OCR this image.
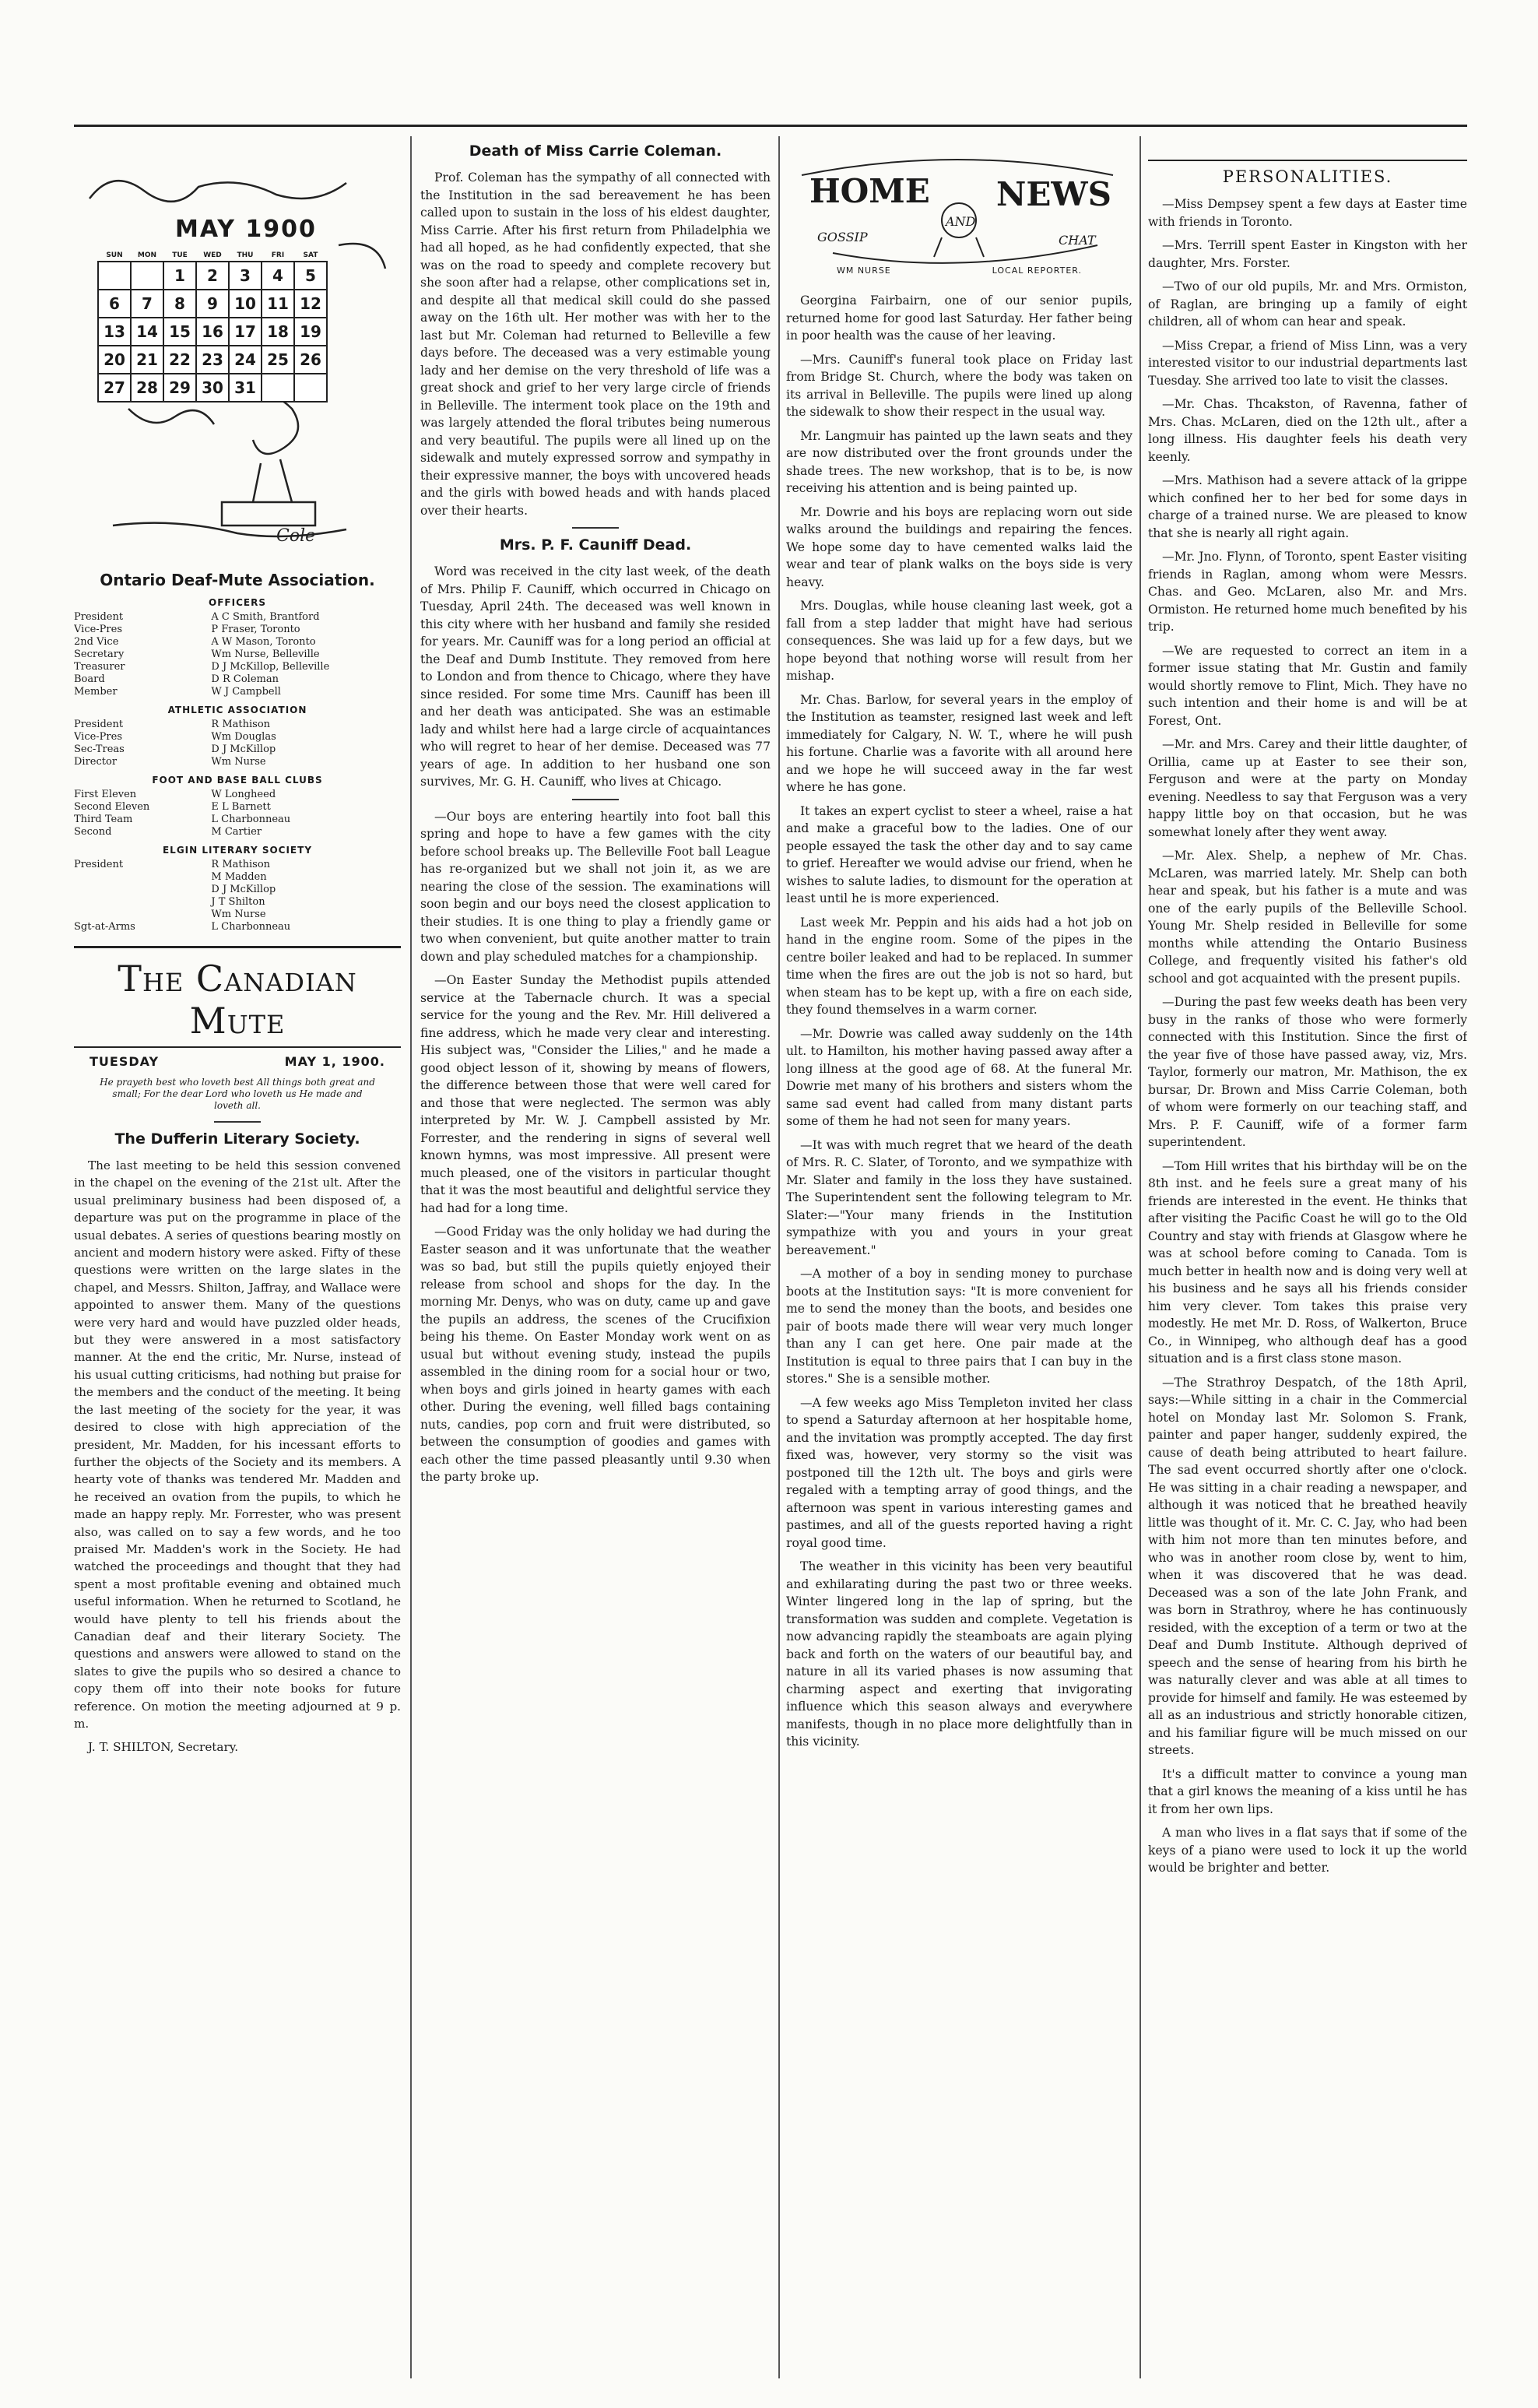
Cole
MAY 1900
SUN	MON	TUE	WED	THU	FRI	SAT
		1	2	3	4	5
6	7	8	9	10	11	12
13	14	15	16	17	18	19
20	21	22	23	24	25	26
27	28	29	30	31		
Ontario Deaf-Mute Association.
OFFICERS
President	A C Smith, Brantford
Vice-Pres	P Fraser, Toronto
2nd Vice	A W Mason, Toronto
Secretary	Wm Nurse, Belleville
Treasurer	D J McKillop, Belleville
Board	D R Coleman
Member	W J Campbell
ATHLETIC ASSOCIATION
President	R Mathison
Vice-Pres	Wm Douglas
Sec-Treas	D J McKillop
Director	Wm Nurse
FOOT AND BASE BALL CLUBS
First Eleven	W Longheed
Second Eleven	E L Barnett
Third Team	L Charbonneau
Second	M Cartier
ELGIN LITERARY SOCIETY
President	R Mathison
	M Madden
	D J McKillop
	J T Shilton
	Wm Nurse
Sgt-at-Arms	L Charbonneau
The Canadian Mute
TUESDAY	MAY 1, 1900.
He prayeth best who loveth best All things both great and small; For the dear Lord who loveth us He made and loveth all.
The Dufferin Literary Society.

The last meeting to be held this session convened in the chapel on the evening of the 21st ult. After the usual preliminary business had been disposed of, a departure was put on the programme in place of the usual debates. A series of questions bearing mostly on ancient and modern history were asked. Fifty of these questions were written on the large slates in the chapel, and Messrs. Shilton, Jaffray, and Wallace were appointed to answer them. Many of the questions were very hard and would have puzzled older heads, but they were answered in a most satisfactory manner. At the end the critic, Mr. Nurse, instead of his usual cutting criticisms, had nothing but praise for the members and the conduct of the meeting. It being the last meeting of the society for the year, it was desired to close with high appreciation of the president, Mr. Madden, for his incessant efforts to further the objects of the Society and its members. A hearty vote of thanks was tendered Mr. Madden and he received an ovation from the pupils, to which he made an happy reply. Mr. Forrester, who was present also, was called on to say a few words, and he too praised Mr. Madden's work in the Society. He had watched the proceedings and thought that they had spent a most profitable evening and obtained much useful information. When he returned to Scotland, he would have plenty to tell his friends about the Canadian deaf and their literary Society. The questions and answers were allowed to stand on the slates to give the pupils who so desired a chance to copy them off into their note books for future reference. On motion the meeting adjourned at 9 p. m.

J. T. SHILTON, Secretary.

Death of Miss Carrie Coleman.

Prof. Coleman has the sympathy of all connected with the Institution in the sad bereavement he has been called upon to sustain in the loss of his eldest daughter, Miss Carrie. After his first return from Philadelphia we had all hoped, as he had confidently expected, that she was on the road to speedy and complete recovery but she soon after had a relapse, other complications set in, and despite all that medical skill could do she passed away on the 16th ult. Her mother was with her to the last but Mr. Coleman had returned to Belleville a few days before. The deceased was a very estimable young lady and her demise on the very threshold of life was a great shock and grief to her very large circle of friends in Belleville. The interment took place on the 19th and was largely attended the floral tributes being numerous and very beautiful. The pupils were all lined up on the sidewalk and mutely expressed sorrow and sympathy in their expressive manner, the boys with uncovered heads and the girls with bowed heads and with hands placed over their hearts.

Mrs. P. F. Cauniff Dead.

Word was received in the city last week, of the death of Mrs. Philip F. Cauniff, which occurred in Chicago on Tuesday, April 24th. The deceased was well known in this city where with her husband and family she resided for years. Mr. Cauniff was for a long period an official at the Deaf and Dumb Institute. They removed from here to London and from thence to Chicago, where they have since resided. For some time Mrs. Cauniff has been ill and her death was anticipated. She was an estimable lady and whilst here had a large circle of acquaintances who will regret to hear of her demise. Deceased was 77 years of age. In addition to her husband one son survives, Mr. G. H. Cauniff, who lives at Chicago.

—Our boys are entering heartily into foot ball this spring and hope to have a few games with the city before school breaks up. The Belleville Foot ball League has re-organized but we shall not join it, as we are nearing the close of the session. The examinations will soon begin and our boys need the closest application to their studies. It is one thing to play a friendly game or two when convenient, but quite another matter to train down and play scheduled matches for a championship.

—On Easter Sunday the Methodist pupils attended service at the Tabernacle church. It was a special service for the young and the Rev. Mr. Hill delivered a fine address, which he made very clear and interesting. His subject was, "Consider the Lilies," and he made a good object lesson of it, showing by means of flowers, the difference between those that were well cared for and those that were neglected. The sermon was ably interpreted by Mr. W. J. Campbell assisted by Mr. Forrester, and the rendering in signs of several well known hymns, was most impressive. All present were much pleased, one of the visitors in particular thought that it was the most beautiful and delightful service they had had for a long time.

—Good Friday was the only holiday we had during the Easter season and it was unfortunate that the weather was so bad, but still the pupils quietly enjoyed their release from school and shops for the day. In the morning Mr. Denys, who was on duty, came up and gave the pupils an address, the scenes of the Crucifixion being his theme. On Easter Monday work went on as usual but without evening study, instead the pupils assembled in the dining room for a social hour or two, when boys and girls joined in hearty games with each other. During the evening, well filled bags containing nuts, candies, pop corn and fruit were distributed, so between the consumption of goodies and games with each other the time passed pleasantly until 9.30 when the party broke up.

HOME NEWS
AND
GOSSIP	CHAT
WM NURSE	LOCAL REPORTER.

Georgina Fairbairn, one of our senior pupils, returned home for good last Saturday. Her father being in poor health was the cause of her leaving.

—Mrs. Cauniff's funeral took place on Friday last from Bridge St. Church, where the body was taken on its arrival in Belleville. The pupils were lined up along the sidewalk to show their respect in the usual way.

Mr. Langmuir has painted up the lawn seats and they are now distributed over the front grounds under the shade trees. The new workshop, that is to be, is now receiving his attention and is being painted up.

Mr. Dowrie and his boys are replacing worn out side walks around the buildings and repairing the fences. We hope some day to have cemented walks laid the wear and tear of plank walks on the boys side is very heavy.

Mrs. Douglas, while house cleaning last week, got a fall from a step ladder that might have had serious consequences. She was laid up for a few days, but we hope beyond that nothing worse will result from her mishap.

Mr. Chas. Barlow, for several years in the employ of the Institution as teamster, resigned last week and left immediately for Calgary, N. W. T., where he will push his fortune. Charlie was a favorite with all around here and we hope he will succeed away in the far west where he has gone.

It takes an expert cyclist to steer a wheel, raise a hat and make a graceful bow to the ladies. One of our people essayed the task the other day and to say came to grief. Hereafter we would advise our friend, when he wishes to salute ladies, to dismount for the operation at least until he is more experienced.

Last week Mr. Peppin and his aids had a hot job on hand in the engine room. Some of the pipes in the centre boiler leaked and had to be replaced. In summer time when the fires are out the job is not so hard, but when steam has to be kept up, with a fire on each side, they found themselves in a warm corner.

—Mr. Dowrie was called away suddenly on the 14th ult. to Hamilton, his mother having passed away after a long illness at the good age of 68. At the funeral Mr. Dowrie met many of his brothers and sisters whom the same sad event had called from many distant parts some of them he had not seen for many years.

—It was with much regret that we heard of the death of Mrs. R. C. Slater, of Toronto, and we sympathize with Mr. Slater and family in the loss they have sustained. The Superintendent sent the following telegram to Mr. Slater:—"Your many friends in the Institution sympathize with you and yours in your great bereavement."

—A mother of a boy in sending money to purchase boots at the Institution says: "It is more convenient for me to send the money than the boots, and besides one pair of boots made there will wear very much longer than any I can get here. One pair made at the Institution is equal to three pairs that I can buy in the stores." She is a sensible mother.

—A few weeks ago Miss Templeton invited her class to spend a Saturday afternoon at her hospitable home, and the invitation was promptly accepted. The day first fixed was, however, very stormy so the visit was postponed till the 12th ult. The boys and girls were regaled with a tempting array of good things, and the afternoon was spent in various interesting games and pastimes, and all of the guests reported having a right royal good time.

The weather in this vicinity has been very beautiful and exhilarating during the past two or three weeks. Winter lingered long in the lap of spring, but the transformation was sudden and complete. Vegetation is now advancing rapidly the steamboats are again plying back and forth on the waters of our beautiful bay, and nature in all its varied phases is now assuming that charming aspect and exerting that invigorating influence which this season always and everywhere manifests, though in no place more delightfully than in this vicinity.

PERSONALITIES.

—Miss Dempsey spent a few days at Easter time with friends in Toronto.

—Mrs. Terrill spent Easter in Kingston with her daughter, Mrs. Forster.

—Two of our old pupils, Mr. and Mrs. Ormiston, of Raglan, are bringing up a family of eight children, all of whom can hear and speak.

—Miss Crepar, a friend of Miss Linn, was a very interested visitor to our industrial departments last Tuesday. She arrived too late to visit the classes.

—Mr. Chas. Thcakston, of Ravenna, father of Mrs. Chas. McLaren, died on the 12th ult., after a long illness. His daughter feels his death very keenly.

—Mrs. Mathison had a severe attack of la grippe which confined her to her bed for some days in charge of a trained nurse. We are pleased to know that she is nearly all right again.

—Mr. Jno. Flynn, of Toronto, spent Easter visiting friends in Raglan, among whom were Messrs. Chas. and Geo. McLaren, also Mr. and Mrs. Ormiston. He returned home much benefited by his trip.

—We are requested to correct an item in a former issue stating that Mr. Gustin and family would shortly remove to Flint, Mich. They have no such intention and their home is and will be at Forest, Ont.

—Mr. and Mrs. Carey and their little daughter, of Orillia, came up at Easter to see their son, Ferguson and were at the party on Monday evening. Needless to say that Ferguson was a very happy little boy on that occasion, but he was somewhat lonely after they went away.

—Mr. Alex. Shelp, a nephew of Mr. Chas. McLaren, was married lately. Mr. Shelp can both hear and speak, but his father is a mute and was one of the early pupils of the Belleville School. Young Mr. Shelp resided in Belleville for some months while attending the Ontario Business College, and frequently visited his father's old school and got acquainted with the present pupils.

—During the past few weeks death has been very busy in the ranks of those who were formerly connected with this Institution. Since the first of the year five of those have passed away, viz, Mrs. Taylor, formerly our matron, Mr. Mathison, the ex bursar, Dr. Brown and Miss Carrie Coleman, both of whom were formerly on our teaching staff, and Mrs. P. F. Cauniff, wife of a former farm superintendent.

—Tom Hill writes that his birthday will be on the 8th inst. and he feels sure a great many of his friends are interested in the event. He thinks that after visiting the Pacific Coast he will go to the Old Country and stay with friends at Glasgow where he was at school before coming to Canada. Tom is much better in health now and is doing very well at his business and he says all his friends consider him very clever. Tom takes this praise very modestly. He met Mr. D. Ross, of Walkerton, Bruce Co., in Winnipeg, who although deaf has a good situation and is a first class stone mason.

—The Strathroy Despatch, of the 18th April, says:—While sitting in a chair in the Commercial hotel on Monday last Mr. Solomon S. Frank, painter and paper hanger, suddenly expired, the cause of death being attributed to heart failure. The sad event occurred shortly after one o'clock. He was sitting in a chair reading a newspaper, and although it was noticed that he breathed heavily little was thought of it. Mr. C. C. Jay, who had been with him not more than ten minutes before, and who was in another room close by, went to him, when it was discovered that he was dead. Deceased was a son of the late John Frank, and was born in Strathroy, where he has continuously resided, with the exception of a term or two at the Deaf and Dumb Institute. Although deprived of speech and the sense of hearing from his birth he was naturally clever and was able at all times to provide for himself and family. He was esteemed by all as an industrious and strictly honorable citizen, and his familiar figure will be much missed on our streets.

It's a difficult matter to convince a young man that a girl knows the meaning of a kiss until he has it from her own lips.

A man who lives in a flat says that if some of the keys of a piano were used to lock it up the world would be brighter and better.
